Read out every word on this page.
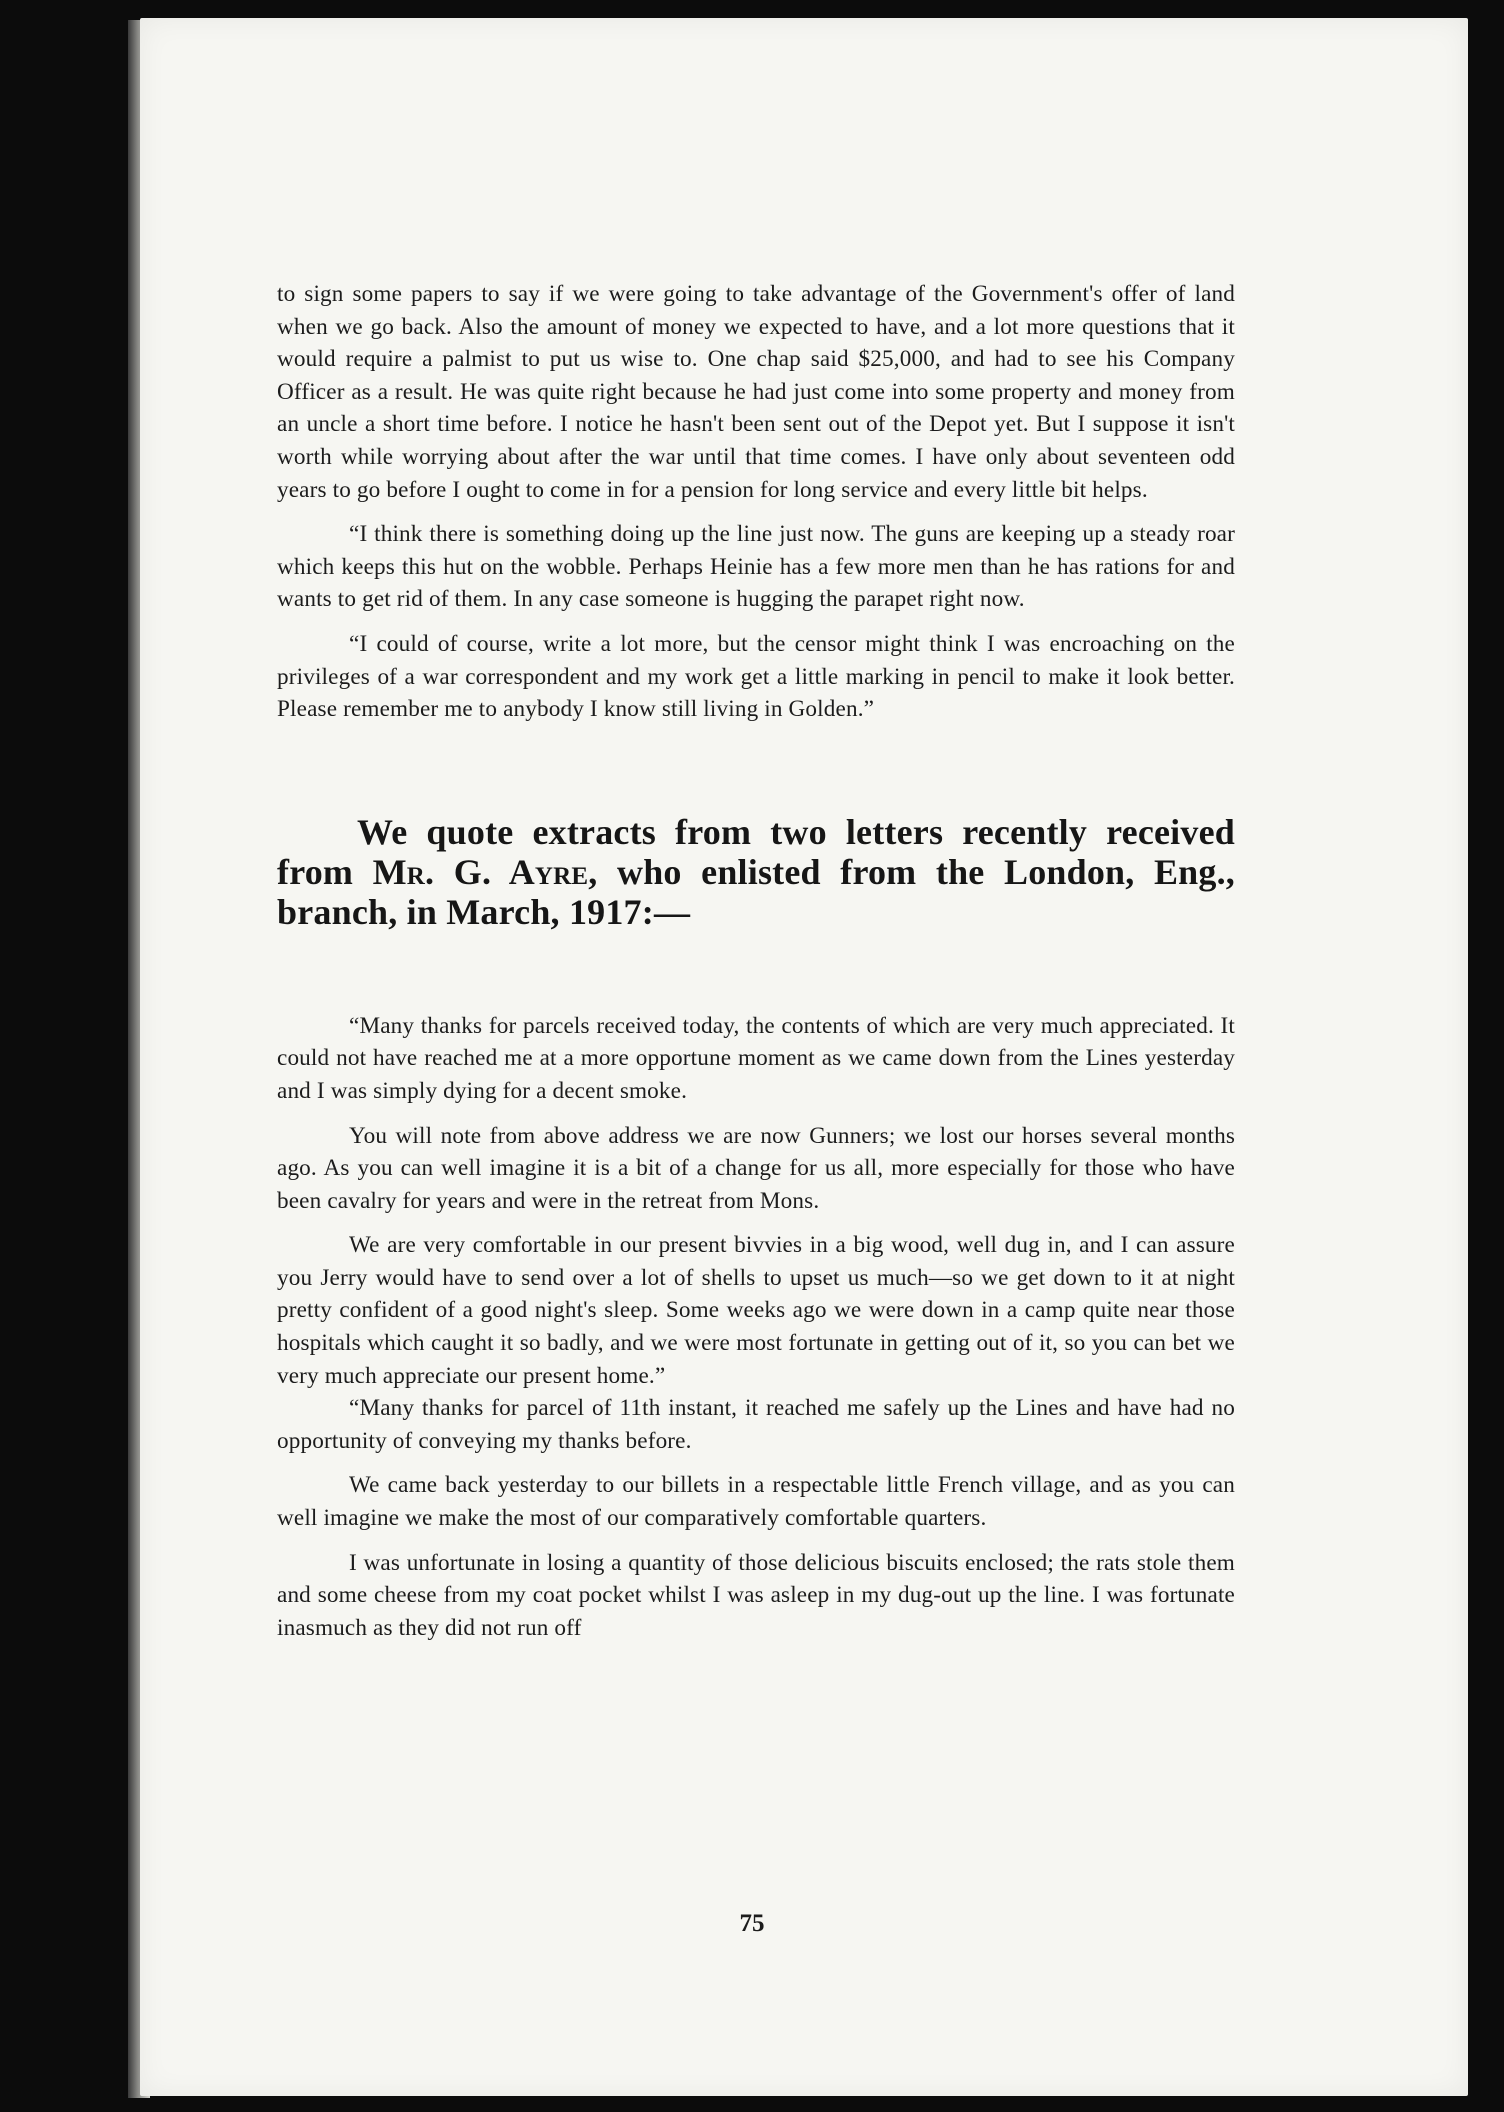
to sign some papers to say if we were going to take advantage of the Government's offer of land when we go back. Also the amount of money we expected to have, and a lot more questions that it would require a palmist to put us wise to. One chap said $25,000, and had to see his Company Officer as a result. He was quite right because he had just come into some property and money from an uncle a short time before. I notice he hasn't been sent out of the Depot yet. But I suppose it isn't worth while worrying about after the war until that time comes. I have only about seventeen odd years to go before I ought to come in for a pension for long service and every little bit helps.

“I think there is something doing up the line just now. The guns are keeping up a steady roar which keeps this hut on the wobble. Perhaps Heinie has a few more men than he has rations for and wants to get rid of them. In any case someone is hugging the parapet right now.

“I could of course, write a lot more, but the censor might think I was encroaching on the privileges of a war correspondent and my work get a little marking in pencil to make it look better. Please remember me to anybody I know still living in Golden.”

We quote extracts from two letters recently received from Mr. G. Ayre, who enlisted from the London, Eng., branch, in March, 1917:—

“Many thanks for parcels received today, the contents of which are very much appreciated. It could not have reached me at a more opportune moment as we came down from the Lines yesterday and I was simply dying for a decent smoke.

You will note from above address we are now Gunners; we lost our horses several months ago. As you can well imagine it is a bit of a change for us all, more especially for those who have been cavalry for years and were in the retreat from Mons.

We are very comfortable in our present bivvies in a big wood, well dug in, and I can assure you Jerry would have to send over a lot of shells to upset us much—so we get down to it at night pretty confident of a good night's sleep. Some weeks ago we were down in a camp quite near those hospitals which caught it so badly, and we were most fortunate in getting out of it, so you can bet we very much appreciate our present home.”

“Many thanks for parcel of 11th instant, it reached me safely up the Lines and have had no opportunity of conveying my thanks before.

We came back yesterday to our billets in a respectable little French village, and as you can well imagine we make the most of our comparatively comfortable quarters.

I was unfortunate in losing a quantity of those delicious biscuits enclosed; the rats stole them and some cheese from my coat pocket whilst I was asleep in my dug-out up the line. I was fortunate inasmuch as they did not run off

75
